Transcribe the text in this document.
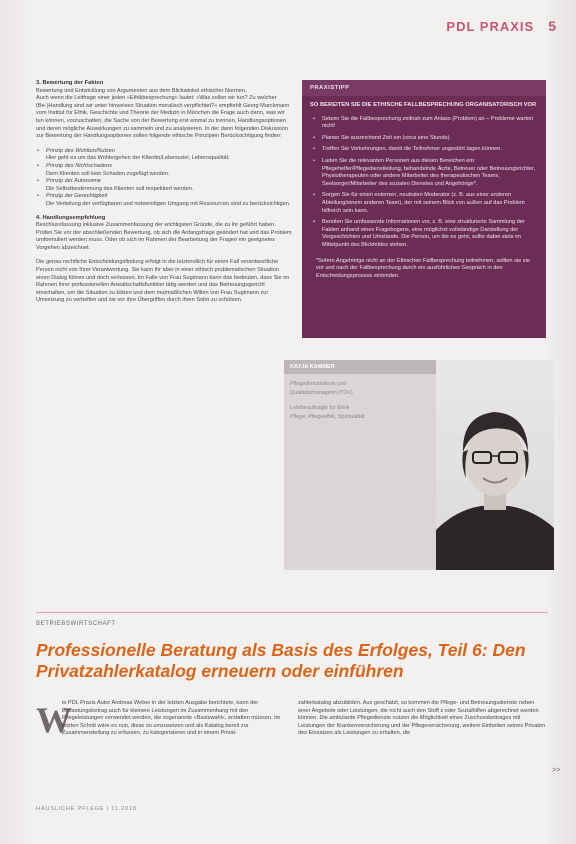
PDL PRAXIS 5
3. Bewertung der Fakten

Bewertung und Entwicklung von Argumenten aus dem Blickwinkel ethischer Normen.

Auch wenn die Leitfrage einer jeden »Ethikbesprechung« lautet: »Was sollen wir tun? Zu welcher (Be-)Handlung sind wir unter hinweisen Situation moralisch verpflichtet?« empfiehlt Georg Marckmann vom Institut für Ethik, Geschichte und Theorie der Medizin in München die Frage auch dann, was wir tun können, vorzuschalten, die Sache von der Bewertung erst einmal zu trennen, Handlungsoptionen und deren mögliche Auswirkungen zu sammeln und zu analysieren. In der dann folgenden Diskussion zur Bewertung der Handlungsoptionen sollen folgende ethische Prinzipien Berücksichtigung finden:

• Prinzip des Wohltun/Nutzen
Hier geht es um das Wohlergehen der Klientin/Lebensziel, Lebensqualität.
• Prinzip des Nichtschadens
Dem Klienten soll kein Schaden zugefügt werden.
• Prinzip der Autonomie
Die Selbstbestimmung des Klienten soll respektiert werden.
• Prinzip der Gerechtigkeit
Die Verteilung der verfügbaren und notwendigen Umgang mit Ressourcen sind zu berücksichtigen.
4. Handlungsempfehlung

Beschlussfassung inklusive Zusammenfassung der wichtigsten Gründe, die zu ihr geführt haben. Prüfen Sie vor der abschließenden Bewertung, ob sich die Anfangsfrage geändert hat und das Problem umformuliert werden muss. Oder ob sich im Rahmen der Bearbeitung der Fragen ein geeignetes Vorgehen abzeichnet.

Die genau rechtliche Entscheidungsfindung erfolgt in die letztendlich für einen Fall verantwortliche Person nicht von Ihrer Verantwortung. Sie kann ihr aber in einer ethisch problematischen Situation einen Dialog führen und doch verlassen. Im Falle von Frau Sugimann kann das bedeuten, dass Sie im Rahmen ihrer professionellen Anwaltschaftsfunktion tätig werden und das Betreuungsgericht einschalten, um die Situation zu klären und dem mutmaßlichen Willen von Frau Sugimann zur Umsetzung zu verhelfen und sie vor ihre Übergriffen durch ihren Sohn zu schützen.

PRAXISTIPP
SO BEREITEN SIE DIE ETHISCHE FALLBESPRECHUNG ORGANISATORISCH VOR
• Setzen Sie die Fallbesprechung zeitnah zum Anlass (Problem) an – Probleme warten nicht!
• Planen Sie ausreichend Zeit ein (circa eine Stunde).
• Treffen Sie Vorkehrungen, damit die Teilnehmer ungestört tagen können.
• Laden Sie die relevanten Personen aus diesen Bereichen ein: Pflegehelfer/Pflegedienstleitung, behandelnde Ärzte, Betreuer oder Betreuungsrichter, Physiotherapeuten oder andere Mitarbeiter des therapeutischen Teams, Seelsorger/Mitarbeiter des sozialen Dienstes und Angehörige*.
• Sorgen Sie für einen externen, neutralen Moderator (z. B. aus einer anderen Abteilung/einem anderen Team), der mit seinem Blick von außen auf das Problem hilfreich sein kann.
• Bereiten Sie umfassende Informationen vor, z. B. eine strukturierte Sammlung der Fakten anhand eines Fragebogens, eine möglichst vollständige Darstellung der Vorgeschichten und Umstände. Die Person, um die es geht, sollte dabei stets im Mittelpunkt des Blickfeldes stehen.
*Sofern Angehörige nicht an der Ethischen Fallbesprechung teilnehmen, sollten sie sie vor und nach der Fallbesprechung durch ein ausführliches Gespräch in den Entscheidungsprozess einbinden.
KATJA KAMMER
Pflegedienstleiterin und
Qualitätsmanagerin (TÜV)
Lehrbeauftragte für Ethik
Pflege, Pflegeethik, Spiritualität
BETRIEBSWIRTSCHAFT
Professionelle Beratung als Basis des Erfolges, Teil 6: Den Privatzahlerkatalog erneuern oder einführen
W
ie PDL Praxis Autor Andreas Weber in der letzten Ausgabe berichtete, kann der Entlastungsbetrag auch für kleinere Leistungen im Zusammenhang mit den Pflegeleistungen verwendet werden, die sogenannte »Basiswahl«, erstatten müssen. Im letzten Schritt wäre es nun, diese so umzusetzen und als Katalog bereit zur Zusammenstellung zu erfassen, zu kategorisieren und in einem Privat-
zahlerkatalog abzubilden. Aus geschätzt, so kommen die Pflege- und Betreuungsdienste neben einer Angebote oder Leistungen, die nicht auch den Stoff z oder Sozialhilfen abgerechnet werden können. Die ambulante Pflegedienste nutzen die Möglichkeit eines Zuschussbeitrages mit Leistungen der Krankenversicherung und der Pflegeversicherung, weitere Einheiten seines Privaten des Einsatzes als Leistungen zu erhalten, die
>>
HÄUSLICHE PFLEGE | 11.2018
